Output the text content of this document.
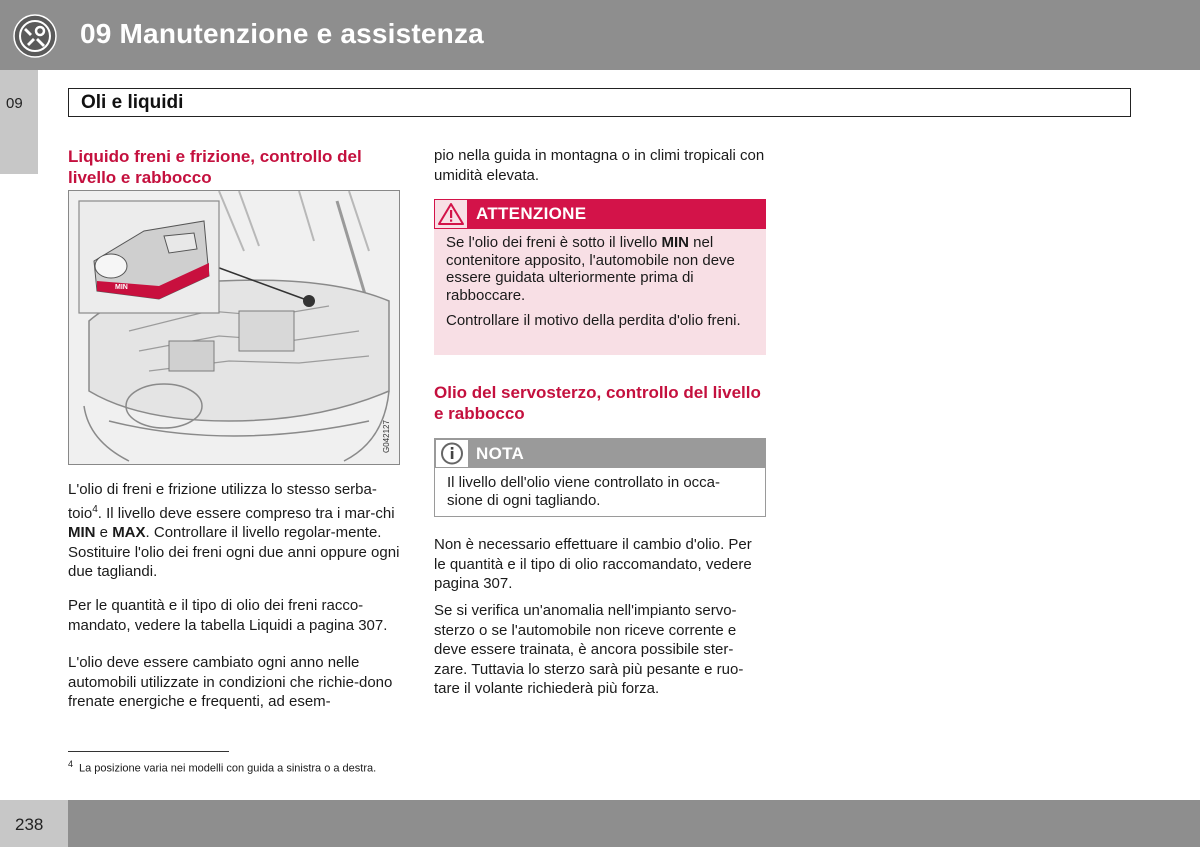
09 Manutenzione e assistenza
09	Oli e liquidi
Liquido freni e frizione, controllo del livello e rabbocco
MIN
G042127

L'olio di freni e frizione utilizza lo stesso serba-toio$^4$. Il livello deve essere compreso tra i mar-chi MIN e MAX. Controllare il livello regolar-mente. Sostituire l'olio dei freni ogni due anni oppure ogni due tagliandi.

Per le quantità e il tipo di olio dei freni racco-mandato, vedere la tabella Liquidi a pagina 307.

L'olio deve essere cambiato ogni anno nelle automobili utilizzate in condizioni che richie-dono frenate energiche e frequenti, ad esem-

pio nella guida in montagna o in climi tropicali con umidità elevata.

ATTENZIONE

Se l'olio dei freni è sotto il livello MIN nel contenitore apposito, l'automobile non deve essere guidata ulteriormente prima di rabboccare.

Controllare il motivo della perdita d'olio freni.

Olio del servosterzo, controllo del livello e rabbocco
NOTA
Il livello dell'olio viene controllato in occa-sione di ogni tagliando.

Non è necessario effettuare il cambio d'olio. Per le quantità e il tipo di olio raccomandato, vedere pagina 307.

Se si verifica un'anomalia nell'impianto servo-sterzo o se l'automobile non riceve corrente e deve essere trainata, è ancora possibile ster-zare. Tuttavia lo sterzo sarà più pesante e ruo-tare il volante richiederà più forza.

$^4$ La posizione varia nei modelli con guida a sinistra o a destra.
238
